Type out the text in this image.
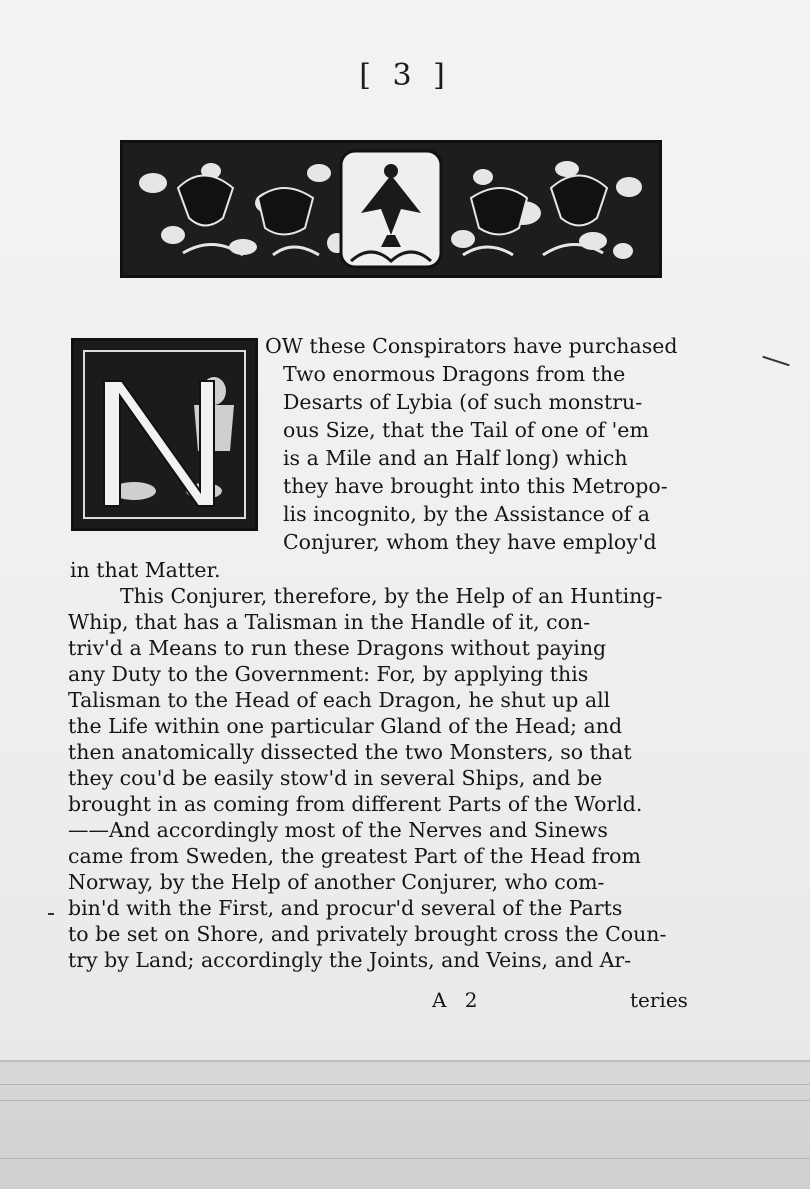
[ 3 ]
OW these Conspirators have purchased
Two enormous Dragons from the
Desarts of Lybia (of such monstru-
ous Size, that the Tail of one of 'em
is a Mile and an Half long) which
they have brought into this Metropo-
lis incognito, by the Assistance of a
Conjurer, whom they have employ'd
in that Matter.
This Conjurer, therefore, by the Help of an Hunting-
Whip, that has a Talisman in the Handle of it, con-
triv'd a Means to run these Dragons without paying
any Duty to the Government: For, by applying this
Talisman to the Head of each Dragon, he shut up all
the Life within one particular Gland of the Head; and
then anatomically dissected the two Monsters, so that
they cou'd be easily stow'd in several Ships, and be
brought in as coming from different Parts of the World.
——And accordingly most of the Nerves and Sinews
came from Sweden, the greatest Part of the Head from
Norway, by the Help of another Conjurer, who com-
bin'd with the First, and procur'd several of the Parts
to be set on Shore, and privately brought cross the Coun-
try by Land; accordingly the Joints, and Veins, and Ar-
A 2	teries
